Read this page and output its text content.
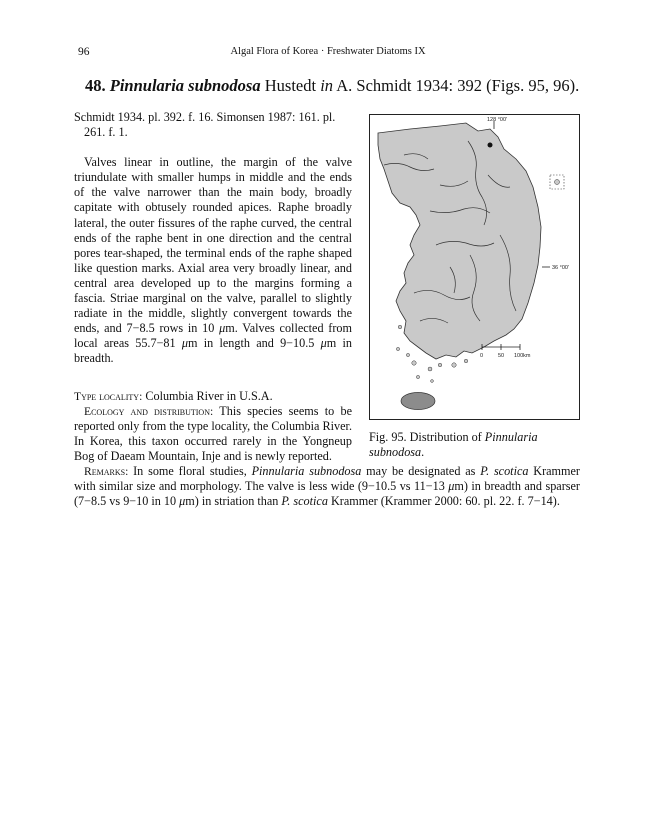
96	Algal Flora of Korea · Freshwater Diatoms IX
48. Pinnularia subnodosa Hustedt in A. Schmidt 1934: 392 (Figs. 95, 96).

Schmidt 1934. pl. 392. f. 16. Simonsen 1987: 161. pl.
261. f. 1.

Valves linear in outline, the margin of the valve triundulate with smaller humps in middle and the ends of the valve narrower than the main body, broadly capitate with obtusely rounded apices. Raphe broadly lateral, the outer fissures of the raphe curved, the central ends of the raphe bent in one direction and the central pores tear-shaped, the terminal ends of the raphe shaped like question marks. Axial area very broadly linear, and central area developed up to the margins forming a fascia. Striae marginal on the valve, parallel to slightly radiate in the middle, slightly convergent towards the ends, and 7−8.5 rows in 10 μm. Valves collected from local areas 55.7−81 μm in length and 9−10.5 μm in breadth.

Type locality: Columbia River in U.S.A.

Ecology and distribution: This species seems to be reported only from the type locality, the Columbia River. In Korea, this taxon occurred rarely in the Yongneup Bog of Daeam Mountain, Inje and is newly reported.

Remarks: In some floral studies, Pinnularia subnodosa may be designated as P. scotica Krammer with similar size and morphology. The valve is less wide (9−10.5 vs 11−13 μm) in breadth and sparser (7−8.5 vs 9−10 in 10 μm) in striation than P. scotica Krammer (Krammer 2000: 60. pl. 22. f. 7−14).

128 °00'
36 °00'
0	50 100km
Fig. 95. Distribution of Pinnularia subnodosa.
